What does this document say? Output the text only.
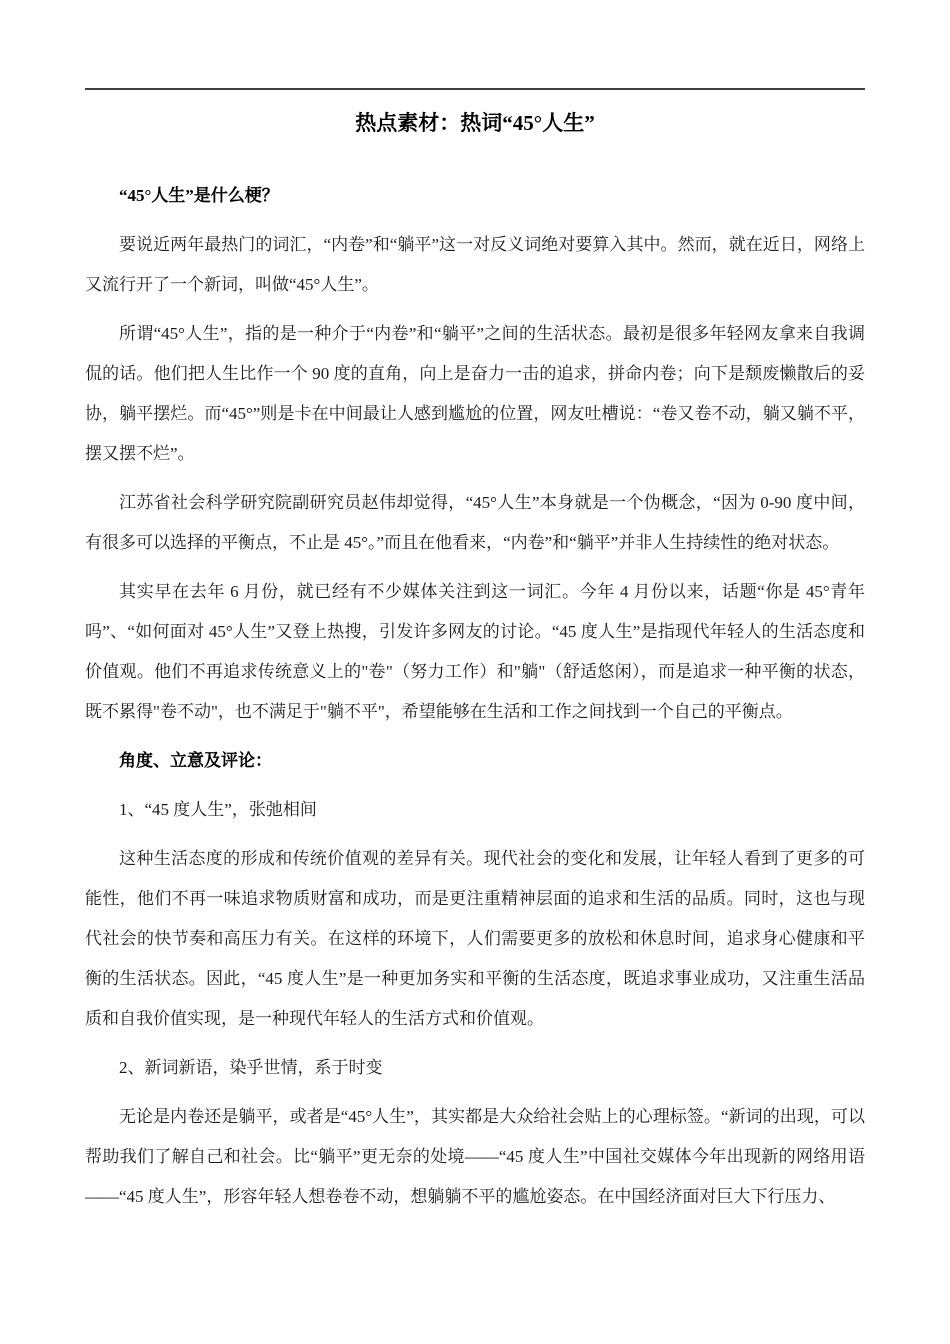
热点素材：热词“45°人生”

“45°人生”是什么梗？

要说近两年最热门的词汇，“内卷”和“躺平”这一对反义词绝对要算入其中。然而，就在近日，网络上又流行开了一个新词，叫做“45°人生”。

所谓“45°人生”，指的是一种介于“内卷”和“躺平”之间的生活状态。最初是很多年轻网友拿来自我调侃的话。他们把人生比作一个 90 度的直角，向上是奋力一击的追求，拼命内卷；向下是颓废懒散后的妥协，躺平摆烂。而“45°”则是卡在中间最让人感到尴尬的位置，网友吐槽说：“卷又卷不动，躺又躺不平，摆又摆不烂”。

江苏省社会科学研究院副研究员赵伟却觉得，“45°人生”本身就是一个伪概念，“因为 0-90 度中间，有很多可以选择的平衡点，不止是 45°。”而且在他看来，“内卷”和“躺平”并非人生持续性的绝对状态。

其实早在去年 6 月份，就已经有不少媒体关注到这一词汇。今年 4 月份以来，话题“你是 45°青年吗”、“如何面对 45°人生”又登上热搜，引发许多网友的讨论。“45 度人生”是指现代年轻人的生活态度和价值观。他们不再追求传统意义上的"卷"（努力工作）和"躺"（舒适悠闲），而是追求一种平衡的状态，既不累得"卷不动"，也不满足于"躺不平"，希望能够在生活和工作之间找到一个自己的平衡点。

角度、立意及评论：

1、“45 度人生”，张弛相间

这种生活态度的形成和传统价值观的差异有关。现代社会的变化和发展，让年轻人看到了更多的可能性，他们不再一味追求物质财富和成功，而是更注重精神层面的追求和生活的品质。同时，这也与现代社会的快节奏和高压力有关。在这样的环境下，人们需要更多的放松和休息时间，追求身心健康和平衡的生活状态。因此，“45 度人生”是一种更加务实和平衡的生活态度，既追求事业成功，又注重生活品质和自我价值实现，是一种现代年轻人的生活方式和价值观。

2、新词新语，染乎世情，系于时变

无论是内卷还是躺平，或者是“45°人生”，其实都是大众给社会贴上的心理标签。“新词的出现，可以帮助我们了解自己和社会。比“躺平”更无奈的处境——“45 度人生”中国社交媒体今年出现新的网络用语——“45 度人生”，形容年轻人想卷卷不动，想躺躺不平的尴尬姿态。在中国经济面对巨大下行压力、
